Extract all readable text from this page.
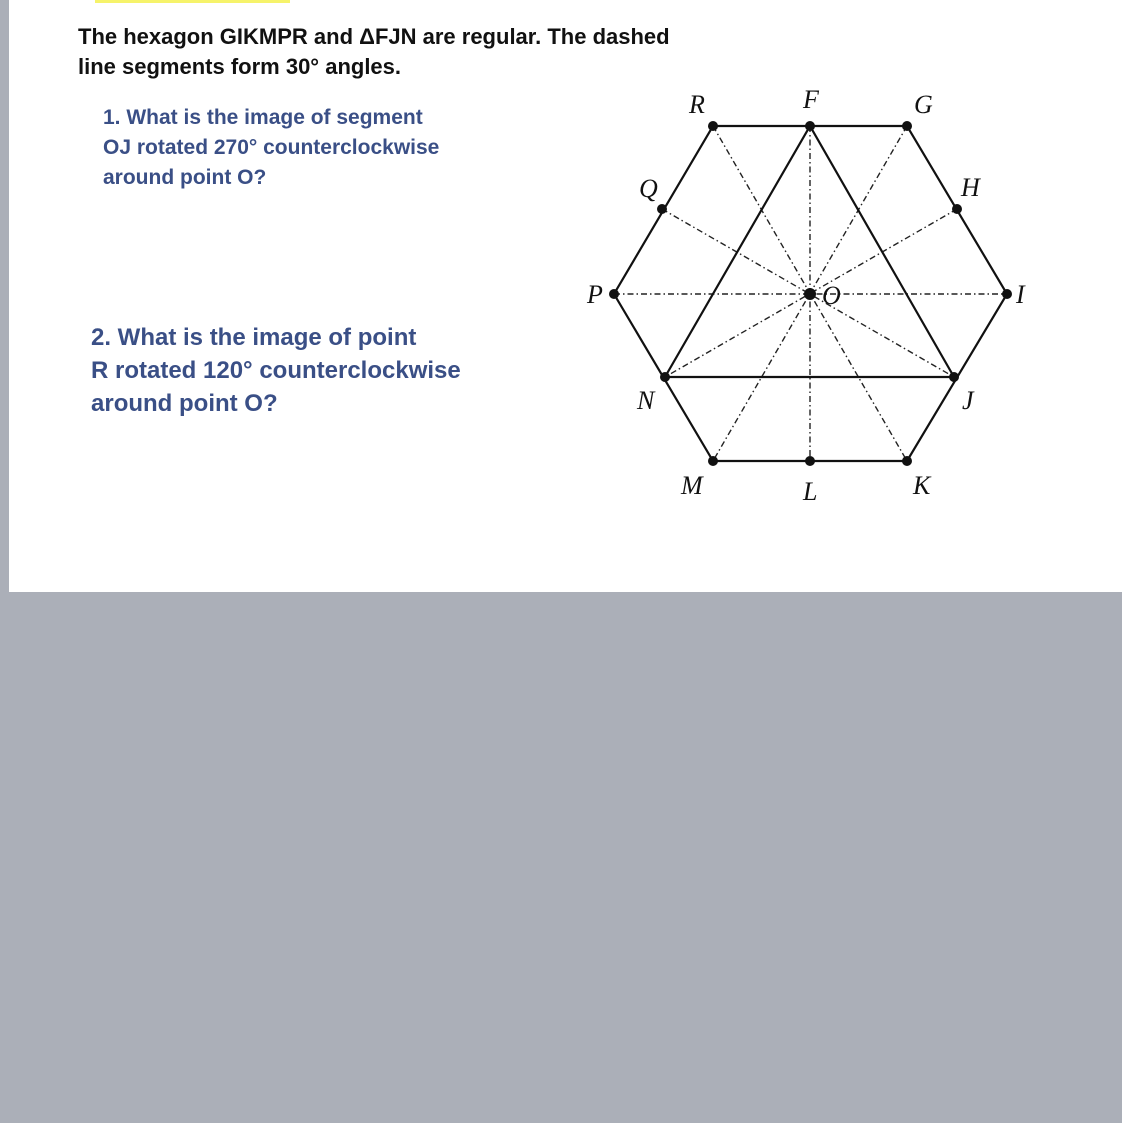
The hexagon GIKMPR and ΔFJN are regular. The dashed
line segments form 30° angles.

1. What is the image of segment
OJ rotated 270° counterclockwise
around point O?

2. What is the image of point
R rotated 120° counterclockwise
around point O?

R	F	G
Q	H
P	O	I
N	J
M	L	K
